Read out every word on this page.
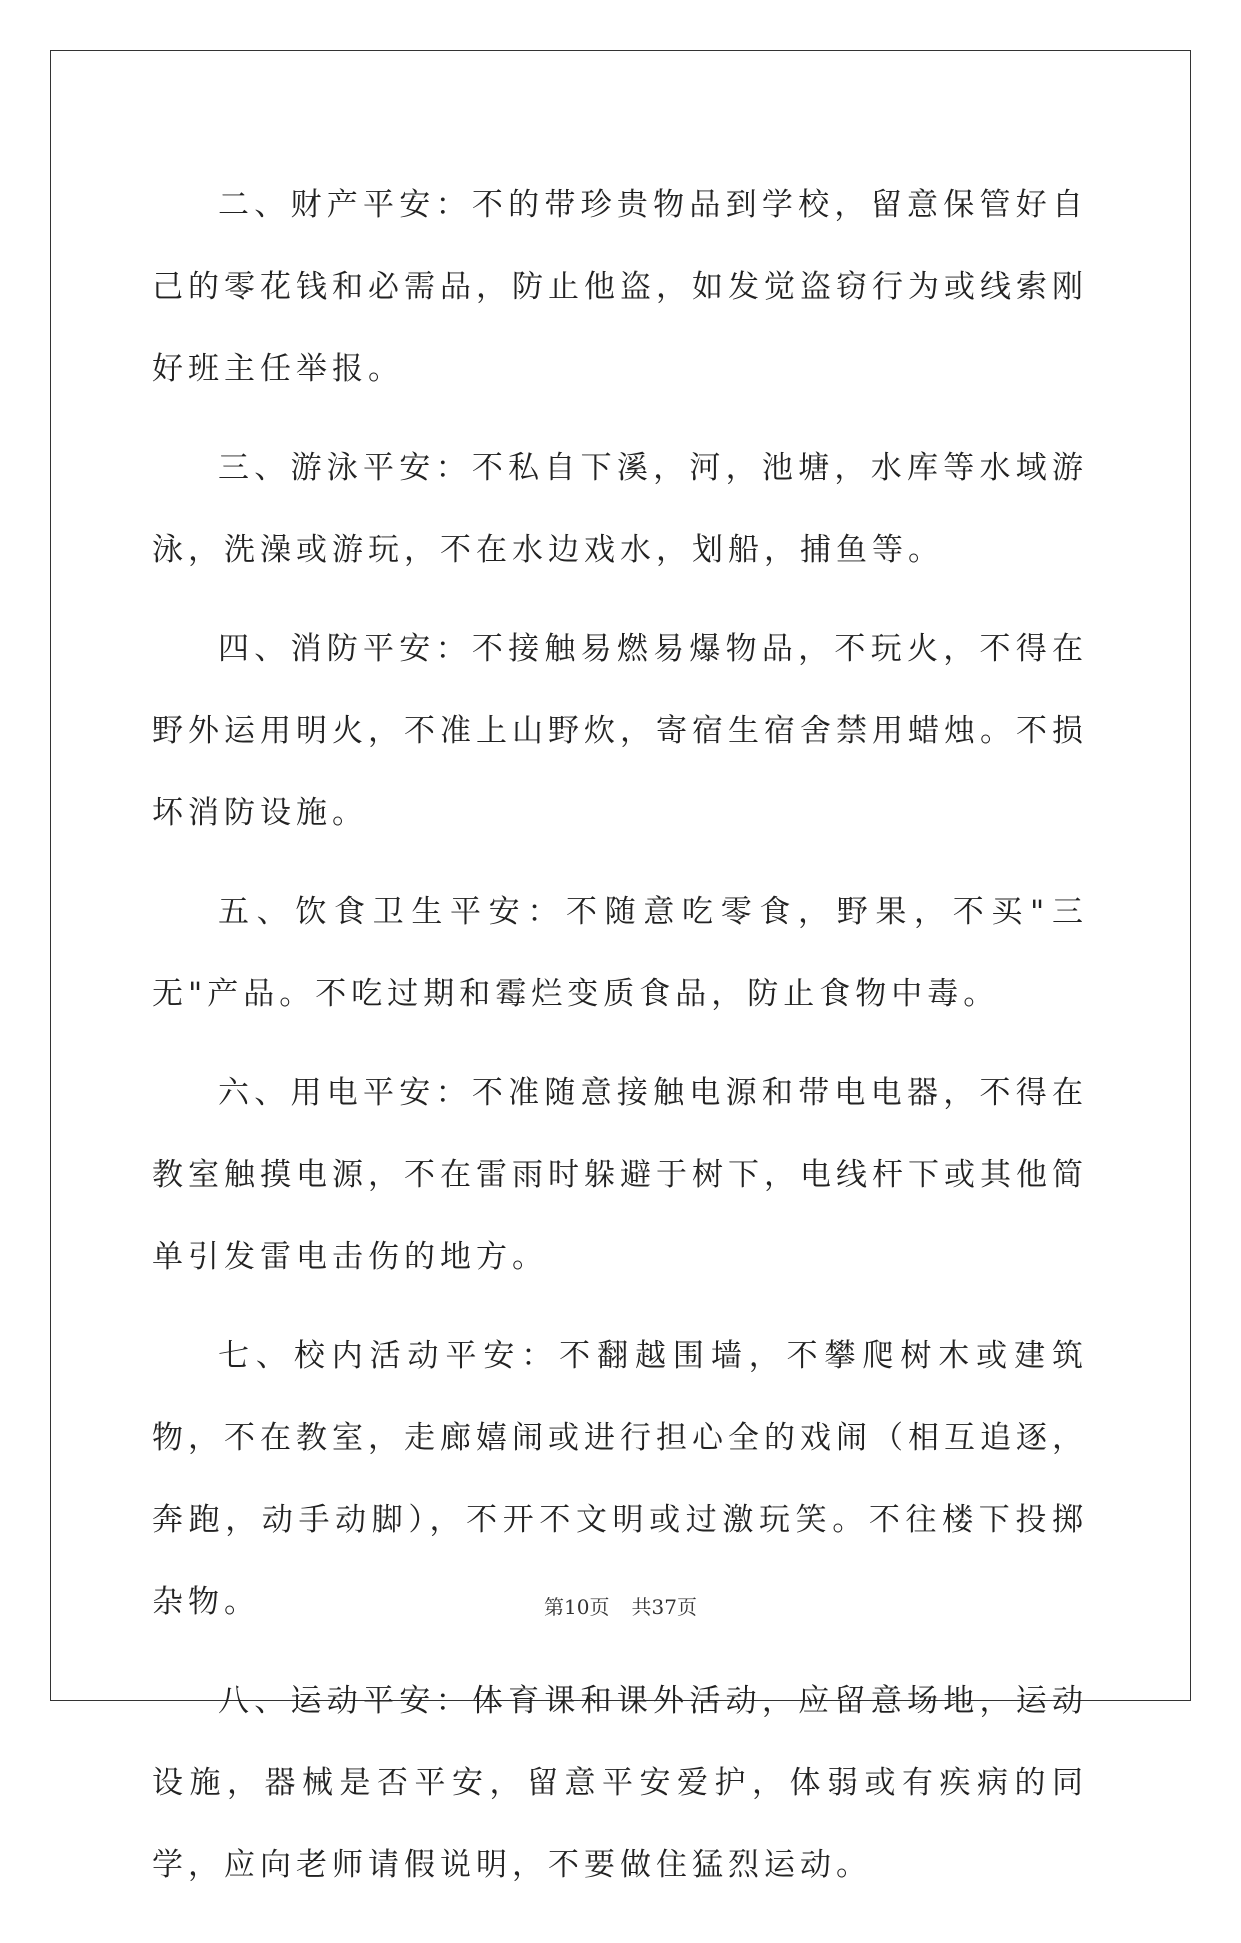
二、财产平安：不的带珍贵物品到学校，留意保管好自己的零花钱和必需品，防止他盗，如发觉盗窃行为或线索刚好班主任举报。

三、游泳平安：不私自下溪，河，池塘，水库等水域游泳，洗澡或游玩，不在水边戏水，划船，捕鱼等。

四、消防平安：不接触易燃易爆物品，不玩火，不得在野外运用明火，不准上山野炊，寄宿生宿舍禁用蜡烛。不损坏消防设施。

五、饮食卫生平安：不随意吃零食，野果，不买"三无"产品。不吃过期和霉烂变质食品，防止食物中毒。

六、用电平安：不准随意接触电源和带电电器，不得在教室触摸电源，不在雷雨时躲避于树下，电线杆下或其他简单引发雷电击伤的地方。

七、校内活动平安：不翻越围墙，不攀爬树木或建筑物，不在教室，走廊嬉闹或进行担心全的戏闹（相互追逐，奔跑，动手动脚），不开不文明或过激玩笑。不往楼下投掷杂物。

八、运动平安：体育课和课外活动，应留意场地，运动设施，器械是否平安，留意平安爱护，体弱或有疾病的同学，应向老师请假说明，不要做住猛烈运动。

第10页 共37页
